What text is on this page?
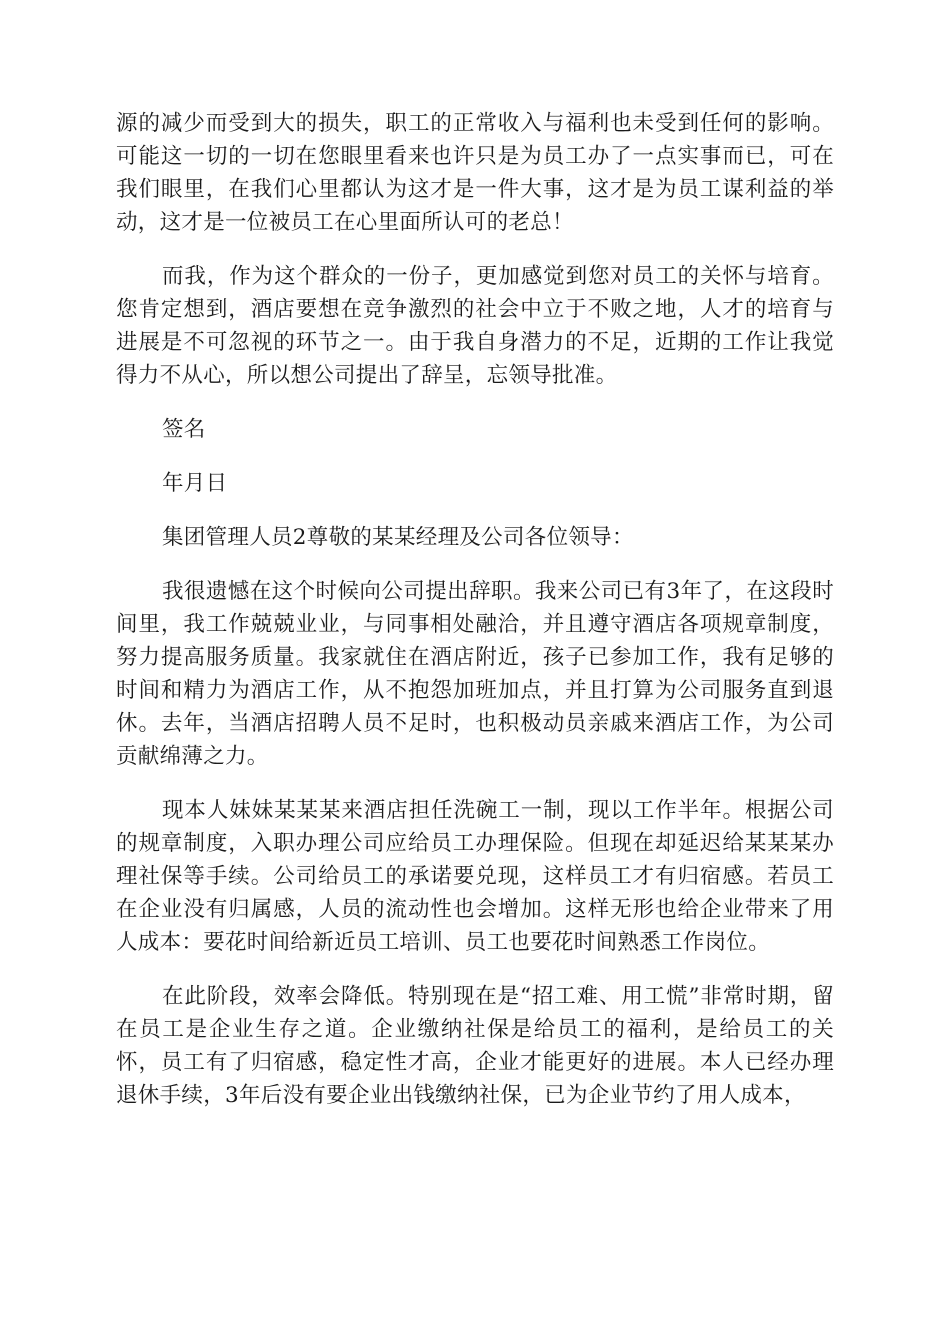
源的减少而受到大的损失，职工的正常收入与福利也未受到任何的影响。可能这一切的一切在您眼里看来也许只是为员工办了一点实事而已，可在我们眼里，在我们心里都认为这才是一件大事，这才是为员工谋利益的举动，这才是一位被员工在心里面所认可的老总！

而我，作为这个群众的一份子，更加感觉到您对员工的关怀与培育。您肯定想到，酒店要想在竞争激烈的社会中立于不败之地，人才的培育与进展是不可忽视的环节之一。由于我自身潜力的不足，近期的工作让我觉得力不从心，所以想公司提出了辞呈，忘领导批准。

签名

年月日

集团管理人员2尊敬的某某经理及公司各位领导：

我很遗憾在这个时候向公司提出辞职。我来公司已有3年了，在这段时间里，我工作兢兢业业，与同事相处融洽，并且遵守酒店各项规章制度，努力提高服务质量。我家就住在酒店附近，孩子已参加工作，我有足够的时间和精力为酒店工作，从不抱怨加班加点，并且打算为公司服务直到退休。去年，当酒店招聘人员不足时，也积极动员亲戚来酒店工作，为公司贡献绵薄之力。

现本人妹妹某某某来酒店担任洗碗工一制，现以工作半年。根据公司的规章制度，入职办理公司应给员工办理保险。但现在却延迟给某某某办理社保等手续。公司给员工的承诺要兑现，这样员工才有归宿感。若员工在企业没有归属感，人员的流动性也会增加。这样无形也给企业带来了用人成本：要花时间给新近员工培训、员工也要花时间熟悉工作岗位。

在此阶段，效率会降低。特别现在是“招工难、用工慌”非常时期，留在员工是企业生存之道。企业缴纳社保是给员工的福利，是给员工的关怀，员工有了归宿感，稳定性才高，企业才能更好的进展。本人已经办理退休手续，3年后没有要企业出钱缴纳社保，已为企业节约了用人成本，
